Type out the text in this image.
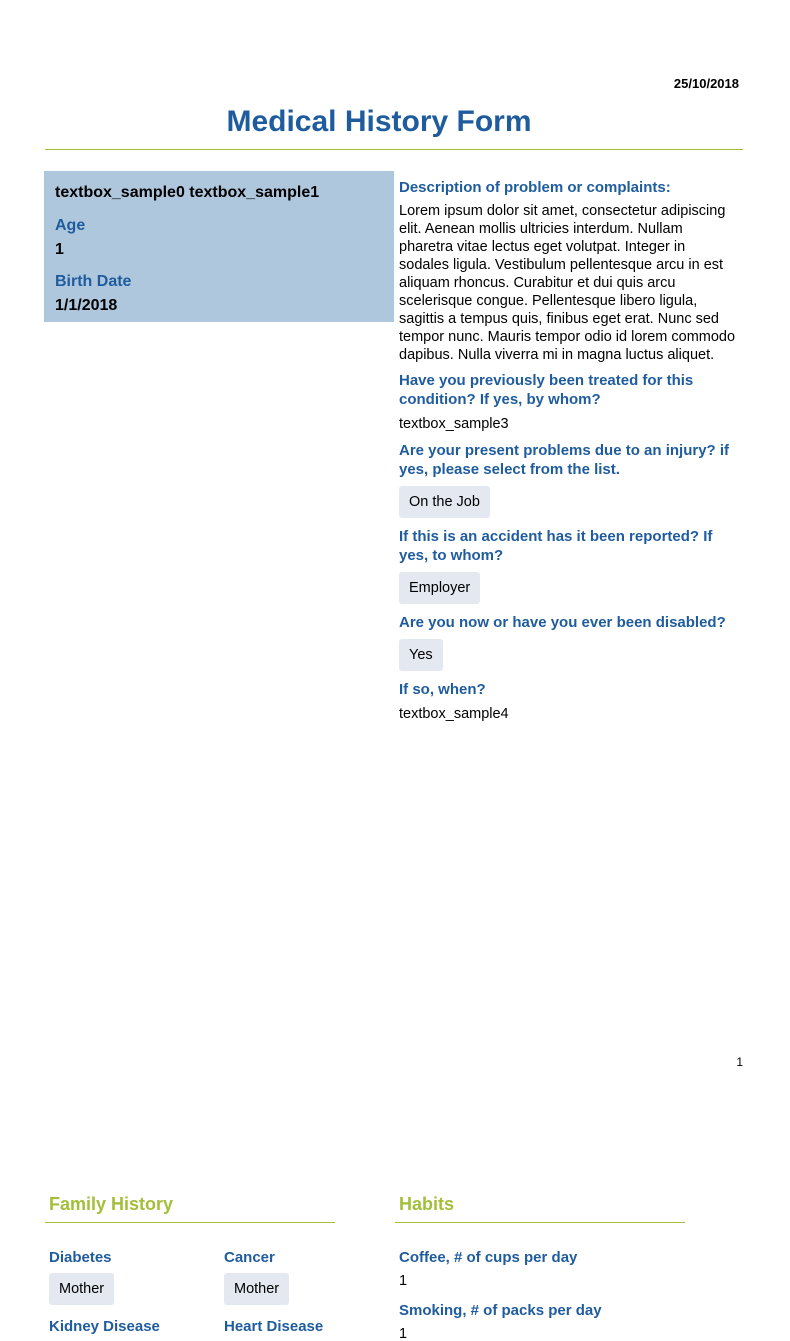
25/10/2018
Medical History Form
textbox_sample0 textbox_sample1
Age
1
Birth Date
1/1/2018
Description of problem or complaints:
Lorem ipsum dolor sit amet, consectetur adipiscing elit. Aenean mollis ultricies interdum. Nullam pharetra vitae lectus eget volutpat. Integer in sodales ligula. Vestibulum pellentesque arcu in est aliquam rhoncus. Curabitur et dui quis arcu scelerisque congue. Pellentesque libero ligula, sagittis a tempus quis, finibus eget erat. Nunc sed tempor nunc. Mauris tempor odio id lorem commodo dapibus. Nulla viverra mi in magna luctus aliquet.
Have you previously been treated for this condition? If yes, by whom?
textbox_sample3
Are your present problems due to an injury? if yes, please select from the list.
On the Job
If this is an accident has it been reported? If yes, to whom?
Employer
Are you now or have you ever been disabled?
Yes
If so, when?
textbox_sample4
1
Family History
Diabetes
Mother
Cancer
Mother
Kidney Disease	Heart Disease
Habits
Coffee, # of cups per day
1
Smoking, # of packs per day
1
